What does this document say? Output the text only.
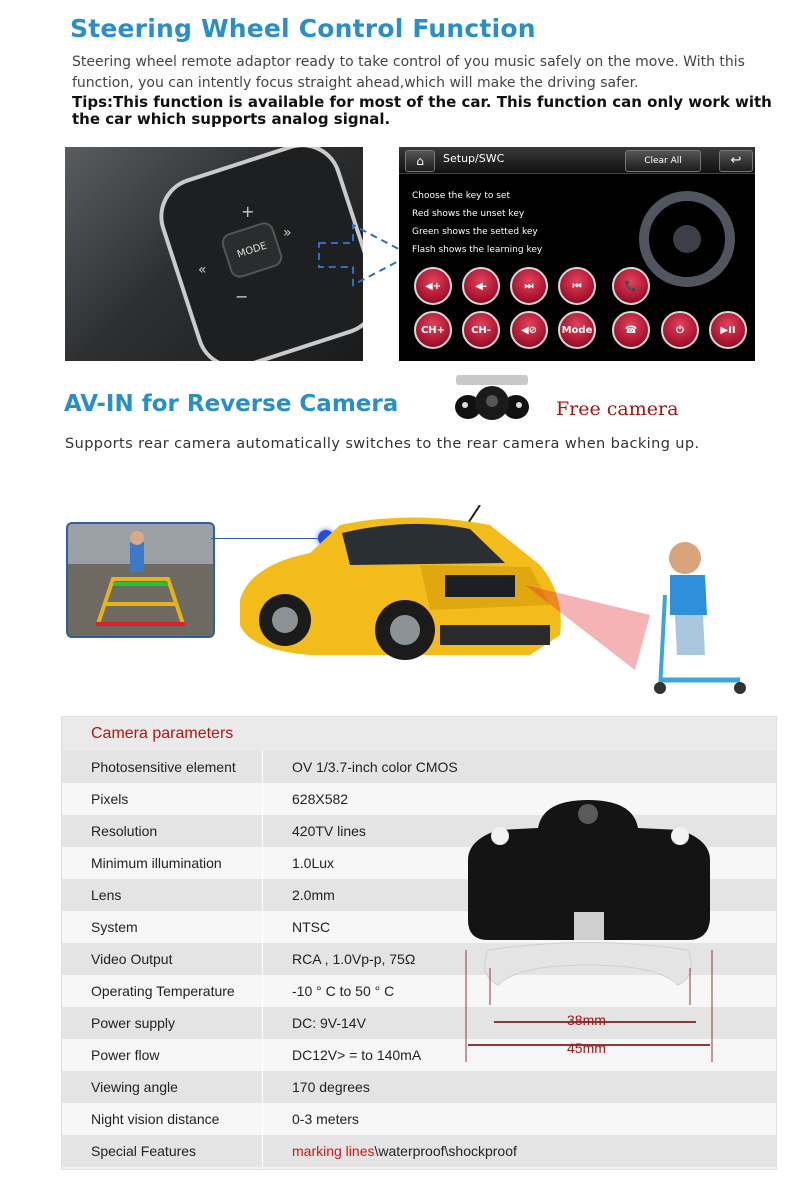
Steering Wheel Control Function
Steering wheel remote adaptor ready to take control of you music safely on the move. With this function, you can intently focus straight ahead,which will make the driving safer.
Tips:This function is available for most of the car. This function can only work with the car which supports analog signal.
MODE
+
−
«
»
⌂	Setup/SWC	Clear All	↩
Choose the key to set
Red shows the unset key
Green shows the setted key
Flash shows the learning key
◀+	◀-	⏭	⏮	📞
CH+	CH-	◀⊘	Mode	☎	⏻	▶II
AV-IN for Reverse Camera	Free camera
Supports rear camera automatically switches to the rear camera when backing up.
Camera parameters
Photosensitive element	OV 1/3.7-inch color CMOS
Pixels	628X582
Resolution	420TV lines
Minimum illumination	1.0Lux
Lens	2.0mm
System	NTSC
Video Output	RCA , 1.0Vp-p, 75Ω
Operating Temperature	-10 ° C to 50 ° C
Power supply	DC: 9V-14V
Power flow	DC12V> = to 140mA
Viewing angle	170 degrees
Night vision distance	0-3 meters
Special Features	marking lines\waterproof\shockproof
38mm
45mm
